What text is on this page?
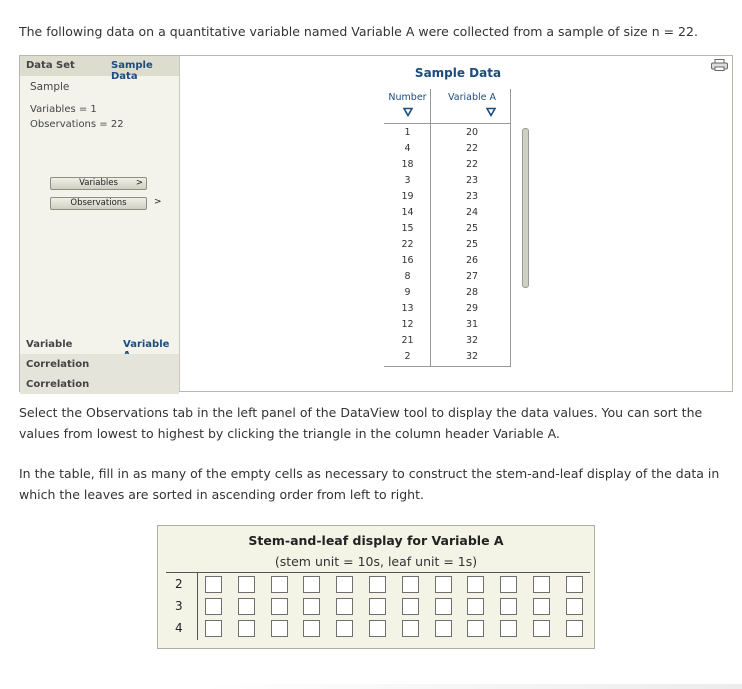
The following data on a quantitative variable named Variable A were collected from a sample of size n = 22.
Data Set	Sample Data
Sample
Variables = 1
Observations = 22
Variables >
Observations	>
Variable	Variable
Correlation
Correlation
Sample Data
Number	Variable A
1	20
4	22
18	22
3	23
19	23
14	24
15	25
22	25
16	26
8	27
9	28
13	29
12	31
21	32
2	32
Select the Observations tab in the left panel of the DataView tool to display the data values. You can sort the values from lowest to highest by clicking the triangle in the column header Variable A.
In the table, fill in as many of the empty cells as necessary to construct the stem-and-leaf display of the data in which the leaves are sorted in ascending order from left to right.
Stem-and-leaf display for Variable A
(stem unit = 10s, leaf unit = 1s)
2
3
4
